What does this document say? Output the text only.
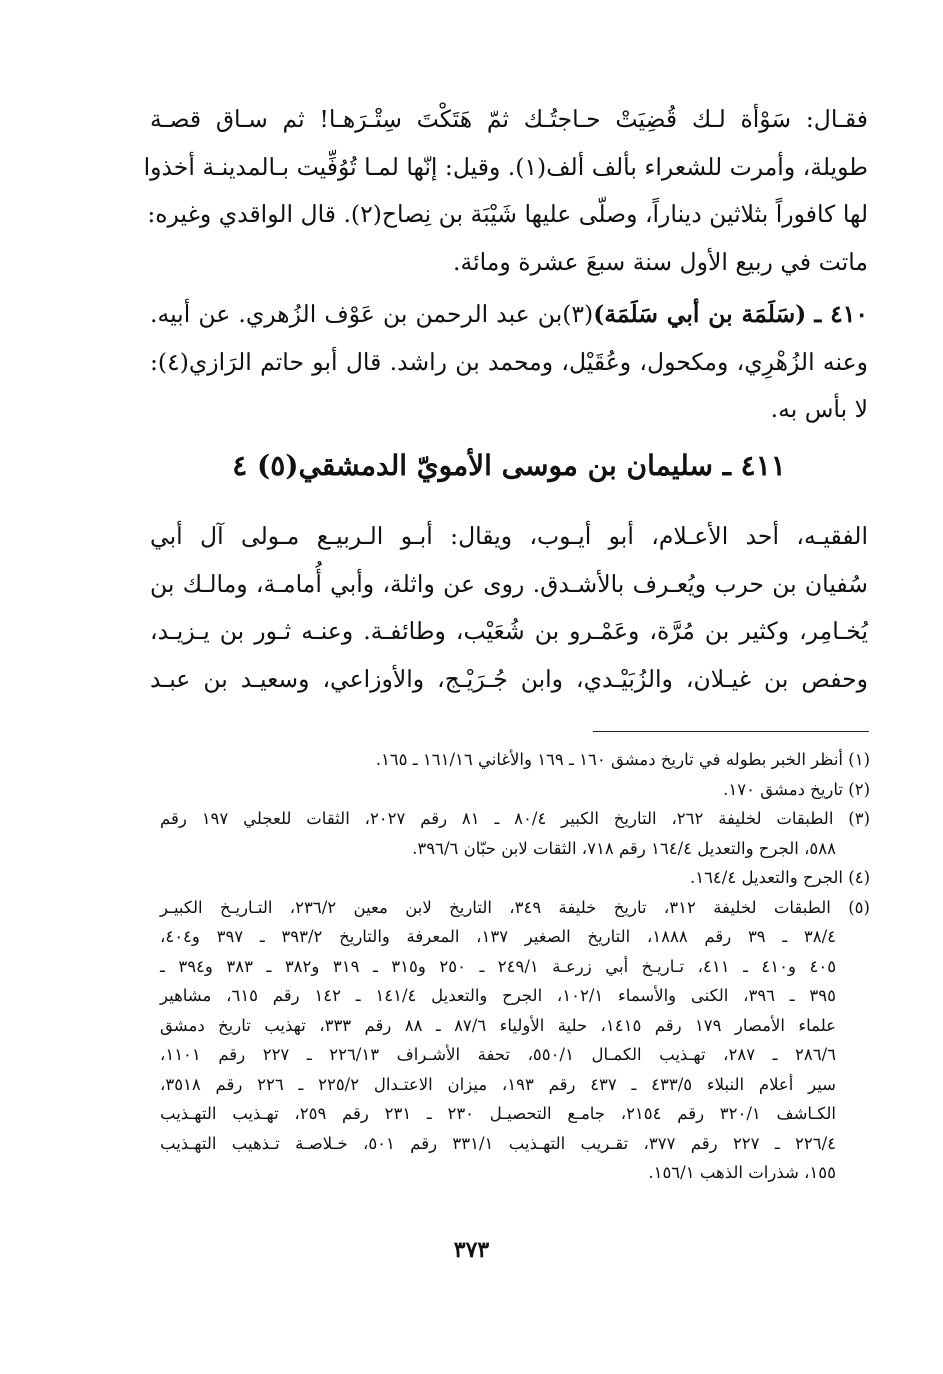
فقـال: سَوْأة لـك قُضِيَتْ حـاجتُـك ثمّ هَتَكْتَ سِتْـرَهـا! ثم سـاق قصـة
طويلة، وأمرت للشعراء بألف ألف(١). وقيل: إنّها لمـا تُوُفِّيت بـالمدينـة أخذوا
لها كافوراً بثلاثين ديناراً، وصلّى عليها شَيْبَة بن نِصاح(٢). قال الواقدي وغيره:
ماتت في ربيع الأول سنة سبعَ عشرة ومائة.
٤١٠ ـ (سَلَمَة بن أبي سَلَمَة)(٣)بن عبد الرحمن بن عَوْف الزُهري. عن أبيه.
وعنه الزُهْرِي، ومكحول، وعُقَيْل، ومحمد بن راشد. قال أبو حاتم الرَازي(٤):
لا بأس به.
٤١١ ـ سليمان بن موسى الأمويّ الدمشقي(٥) ٤
الفقيـه، أحد الأعـلام، أبو أيـوب، ويقال: أبـو الـربيـع مـولى آل أبي
سُفيان بن حرب ويُعـرف بالأشـدق. روى عن واثلة، وأبي أُمامـة، ومالـك بن
يُخـامِر، وكثير بن مُرَّة، وعَمْـرو بن شُعَيْب، وطائفـة. وعنـه ثـور بن يـزيـد،
وحفص بن غيـلان، والزُبَيْـدي، وابن جُـرَيْـج، والأوزاعي، وسعيـد بن عبـد
(١) أنظر الخبر بطوله في تاريخ دمشق ١٦٠ ـ ١٦٩ والأغاني ١٦١/١٦ ـ ١٦٥.
(٢) تاريخ دمشق ١٧٠.
(٣) الطبقات لخليفة ٢٦٢، التاريخ الكبير ٨٠/٤ ـ ٨١ رقم ٢٠٢٧، الثقات للعجلي ١٩٧ رقم
٥٨٨، الجرح والتعديل ١٦٤/٤ رقم ٧١٨، الثقات لابن حبّان ٣٩٦/٦.
(٤) الجرح والتعديل ١٦٤/٤.
(٥) الطبقات لخليفة ٣١٢، تاريخ خليفة ٣٤٩، التاريخ لابن معين ٢٣٦/٢، التـاريـخ الكبيـر
٣٨/٤ ـ ٣٩ رقم ١٨٨٨، التاريخ الصغير ١٣٧، المعرفة والتاريخ ٣٩٣/٢ ـ ٣٩٧ و٤٠٤،
٤٠٥ و٤١٠ ـ ٤١١، تـاريـخ أبي زرعـة ٢٤٩/١ ـ ٢٥٠ و٣١٥ ـ ٣١٩ و٣٨٢ ـ ٣٨٣ و٣٩٤ ـ
٣٩٥ ـ ٣٩٦، الكنى والأسماء ١٠٢/١، الجرح والتعديل ١٤١/٤ ـ ١٤٢ رقم ٦١٥، مشاهير
علماء الأمصار ١٧٩ رقم ١٤١٥، حلية الأولياء ٨٧/٦ ـ ٨٨ رقم ٣٣٣، تهذيب تاريخ دمشق
٢٨٦/٦ ـ ٢٨٧، تهـذيب الكمـال ٥٥٠/١، تحفة الأشـراف ٢٢٦/١٣ ـ ٢٢٧ رقم ١١٠١،
سير أعلام النبلاء ٤٣٣/٥ ـ ٤٣٧ رقم ١٩٣، ميزان الاعتـدال ٢٢٥/٢ ـ ٢٢٦ رقم ٣٥١٨،
الكـاشف ٣٢٠/١ رقم ٢١٥٤، جامـع التحصيـل ٢٣٠ ـ ٢٣١ رقم ٢٥٩، تهـذيب التهـذيب
٢٢٦/٤ ـ ٢٢٧ رقم ٣٧٧، تقـريب التهـذيب ٣٣١/١ رقم ٥٠١، خـلاصـة تـذهيب التهـذيب
١٥٥، شذرات الذهب ١٥٦/١.
٣٧٣
